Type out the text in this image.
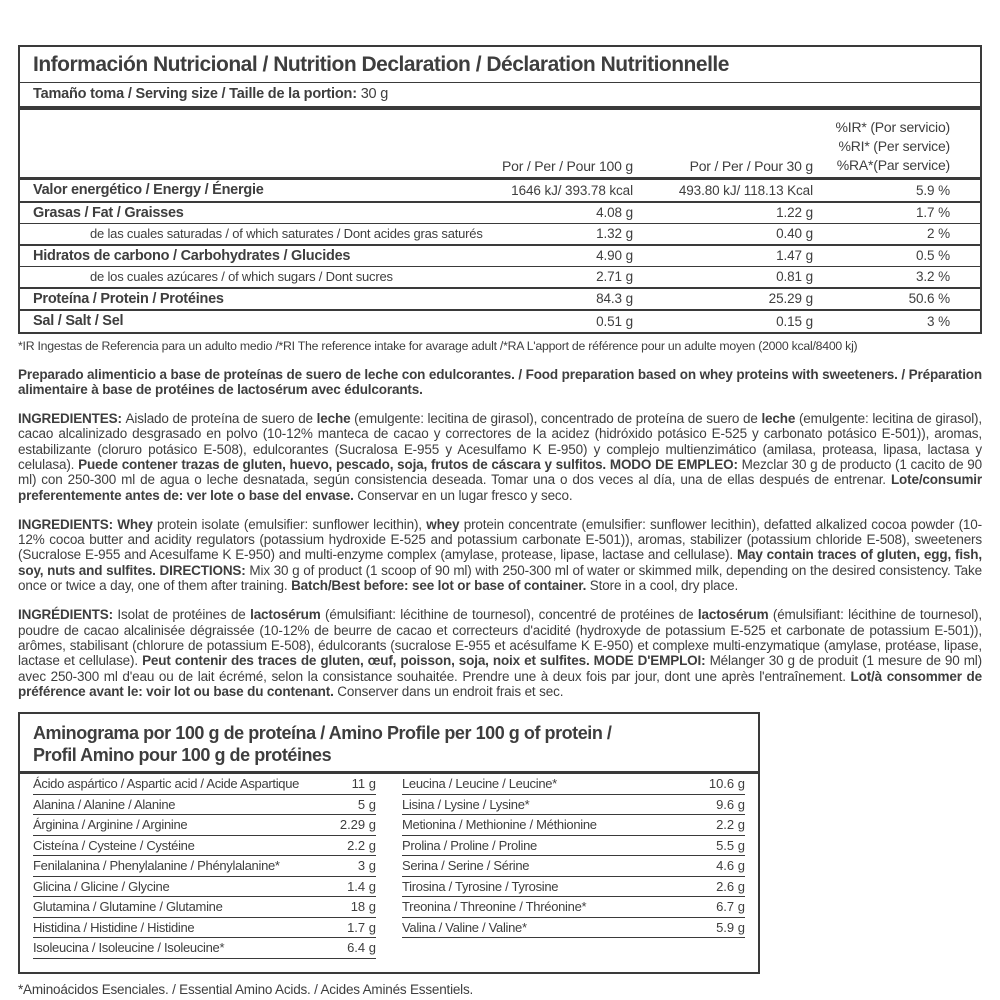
Información Nutricional / Nutrition Declaration / Déclaration Nutritionnelle
Tamaño toma / Serving size / Taille de la portion: 30 g
Por / Per / Pour 100 g	Por / Per / Pour 30 g
%IR* (Por servicio)
%RI* (Per service)
%RA*(Par service)
Valor energético / Energy / Énergie	1646 kJ/ 393.78 kcal	493.80 kJ/ 118.13 Kcal	5.9 %
Grasas / Fat / Graisses	4.08 g	1.22 g	1.7 %
de las cuales saturadas / of which saturates / Dont acides gras saturés	1.32 g	0.40 g	2 %
Hidratos de carbono / Carbohydrates / Glucides	4.90 g	1.47 g	0.5 %
de los cuales azúcares / of which sugars / Dont sucres	2.71 g	0.81 g	3.2 %
Proteína / Protein / Protéines	84.3 g	25.29 g	50.6 %
Sal / Salt / Sel	0.51 g	0.15 g	3 %
*IR Ingestas de Referencia para un adulto medio /*RI The reference intake for avarage adult /*RA L'apport de référence pour un adulte moyen (2000 kcal/8400 kj)
Preparado alimenticio a base de proteínas de suero de leche con edulcorantes. / Food preparation based on whey proteins with sweeteners. / Préparation alimentaire à base de protéines de lactosérum avec édulcorants.
INGREDIENTES: Aislado de proteína de suero de leche (emulgente: lecitina de girasol), concentrado de proteína de suero de leche (emulgente: lecitina de girasol), cacao alcalinizado desgrasado en polvo (10-12% manteca de cacao y correctores de la acidez (hidróxido potásico E-525 y carbonato potásico E-501)), aromas, estabilizante (cloruro potásico E-508), edulcorantes (Sucralosa E-955 y Acesulfamo K E-950) y complejo multienzimático (amilasa, proteasa, lipasa, lactasa y celulasa). Puede contener trazas de gluten, huevo, pescado, soja, frutos de cáscara y sulfitos. MODO DE EMPLEO: Mezclar 30 g de producto (1 cacito de 90 ml) con 250-300 ml de agua o leche desnatada, según consistencia deseada. Tomar una o dos veces al día, una de ellas después de entrenar. Lote/consumir preferentemente antes de: ver lote o base del envase. Conservar en un lugar fresco y seco.
INGREDIENTS: Whey protein isolate (emulsifier: sunflower lecithin), whey protein concentrate (emulsifier: sunflower lecithin), defatted alkalized cocoa powder (10-12% cocoa butter and acidity regulators (potassium hydroxide E-525 and potassium carbonate E-501)), aromas, stabilizer (potassium chloride E-508), sweeteners (Sucralose E-955 and Acesulfame K E-950) and multi-enzyme complex (amylase, protease, lipase, lactase and cellulase). May contain traces of gluten, egg, fish, soy, nuts and sulfites. DIRECTIONS: Mix 30 g of product (1 scoop of 90 ml) with 250-300 ml of water or skimmed milk, depending on the desired consistency. Take once or twice a day, one of them after training. Batch/Best before: see lot or base of container. Store in a cool, dry place.
INGRÉDIENTS: Isolat de protéines de lactosérum (émulsifiant: lécithine de tournesol), concentré de protéines de lactosérum (émulsifiant: lécithine de tournesol), poudre de cacao alcalinisée dégraissée (10-12% de beurre de cacao et correcteurs d'acidité (hydroxyde de potassium E-525 et carbonate de potassium E-501)), arômes, stabilisant (chlorure de potassium E-508), édulcorants (sucralose E-955 et acésulfame K E-950) et complexe multi-enzymatique (amylase, protéase, lipase, lactase et cellulase). Peut contenir des traces de gluten, œuf, poisson, soja, noix et sulfites. MODE D'EMPLOI: Mélanger 30 g de produit (1 mesure de 90 ml) avec 250-300 ml d'eau ou de lait écrémé, selon la consistance souhaitée. Prendre une à deux fois par jour, dont une après l'entraînement. Lot/à consommer de préférence avant le: voir lot ou base du contenant. Conserver dans un endroit frais et sec.
Aminograma por 100 g de proteína / Amino Profile per 100 g of protein /
Profil Amino pour 100 g de protéines
Ácido aspártico / Aspartic acid / Acide Aspartique	11 g
Alanina / Alanine / Alanine	5 g
Árginina / Arginine / Arginine	2.29 g
Cisteína / Cysteine / Cystéine	2.2 g
Fenilalanina / Phenylalanine / Phénylalanine*	3 g
Glicina / Glicine / Glycine	1.4 g
Glutamina / Glutamine / Glutamine	18 g
Histidina / Histidine / Histidine	1.7 g
Isoleucina / Isoleucine / Isoleucine*	6.4 g
Leucina / Leucine / Leucine*	10.6 g
Lisina / Lysine / Lysine*	9.6 g
Metionina / Methionine / Méthionine	2.2 g
Prolina / Proline / Proline	5.5 g
Serina / Serine / Sérine	4.6 g
Tirosina / Tyrosine / Tyrosine	2.6 g
Treonina / Threonine / Thréonine*	6.7 g
Valina / Valine / Valine*	5.9 g
*Aminoácidos Esenciales. / Essential Amino Acids. / Acides Aminés Essentiels.
